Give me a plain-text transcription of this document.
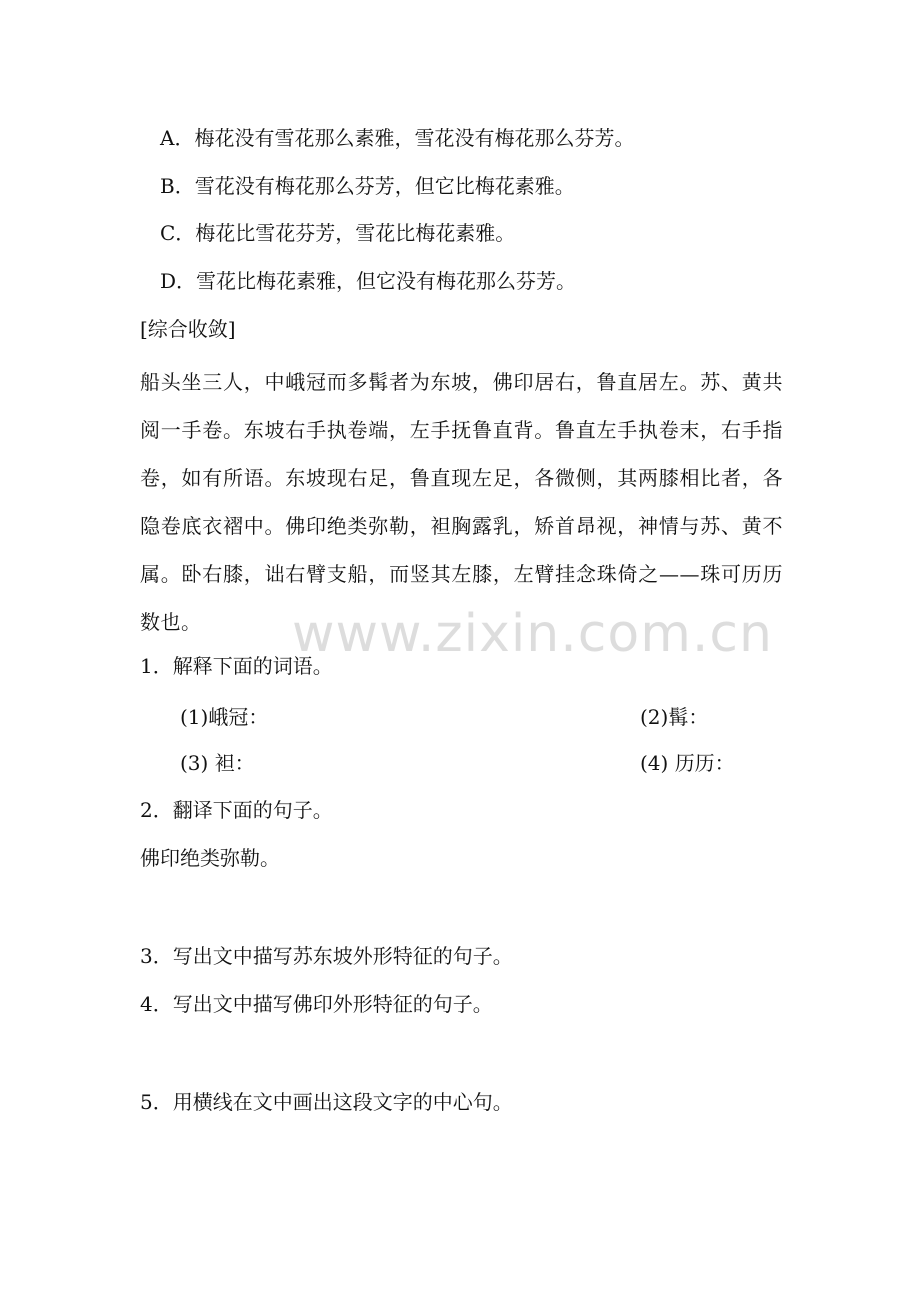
A．梅花没有雪花那么素雅，雪花没有梅花那么芬芳。
B．雪花没有梅花那么芬芳，但它比梅花素雅。
C．梅花比雪花芬芳，雪花比梅花素雅。
D．雪花比梅花素雅，但它没有梅花那么芬芳。
[综合收敛]
船头坐三人，中峨冠而多髯者为东坡，佛印居右，鲁直居左。苏、黄共阅一手卷。东坡右手执卷端，左手抚鲁直背。鲁直左手执卷末，右手指卷，如有所语。东坡现右足，鲁直现左足，各微侧，其两膝相比者，各隐卷底衣褶中。佛印绝类弥勒，袒胸露乳，矫首昂视，神情与苏、黄不属。卧右膝，诎右臂支船，而竖其左膝，左臂挂念珠倚之——珠可历历数也。
1．解释下面的词语。
(1)峨冠：	(2)髯：
(3) 袒：	(4) 历历：
2．翻译下面的句子。
佛印绝类弥勒。
3．写出文中描写苏东坡外形特征的句子。
4．写出文中描写佛印外形特征的句子。
5．用横线在文中画出这段文字的中心句。
www.zixin.com.cn
